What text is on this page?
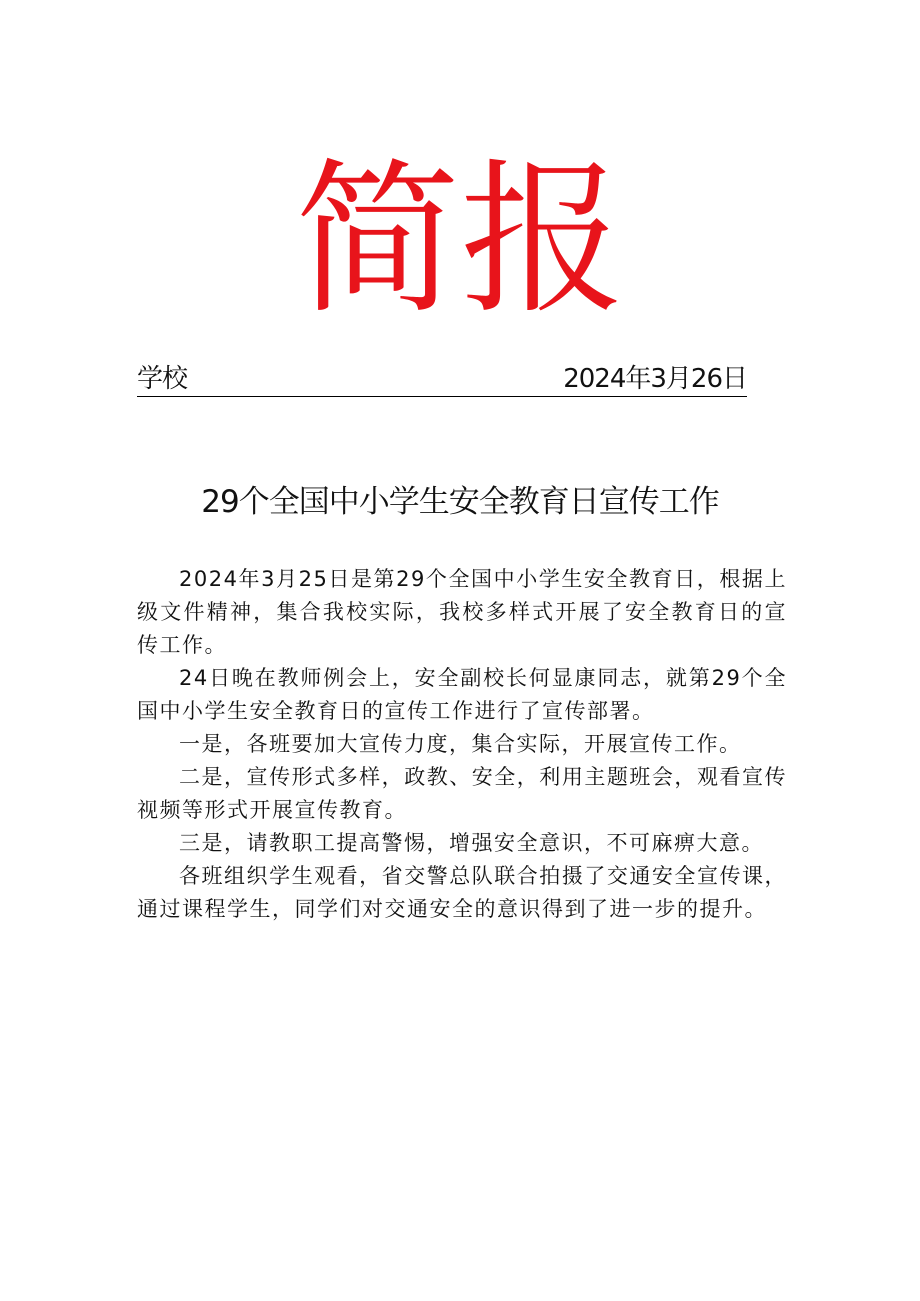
简报
学校	2024年3月26日
29个全国中小学生安全教育日宣传工作

2024年3月25日是第29个全国中小学生安全教育日，根据上级文件精神，集合我校实际，我校多样式开展了安全教育日的宣传工作。

24日晚在教师例会上，安全副校长何显康同志，就第29个全国中小学生安全教育日的宣传工作进行了宣传部署。

一是，各班要加大宣传力度，集合实际，开展宣传工作。

二是，宣传形式多样，政教、安全，利用主题班会，观看宣传视频等形式开展宣传教育。

三是，请教职工提高警惕，增强安全意识，不可麻痹大意。

各班组织学生观看，省交警总队联合拍摄了交通安全宣传课，通过课程学生，同学们对交通安全的意识得到了进一步的提升。
